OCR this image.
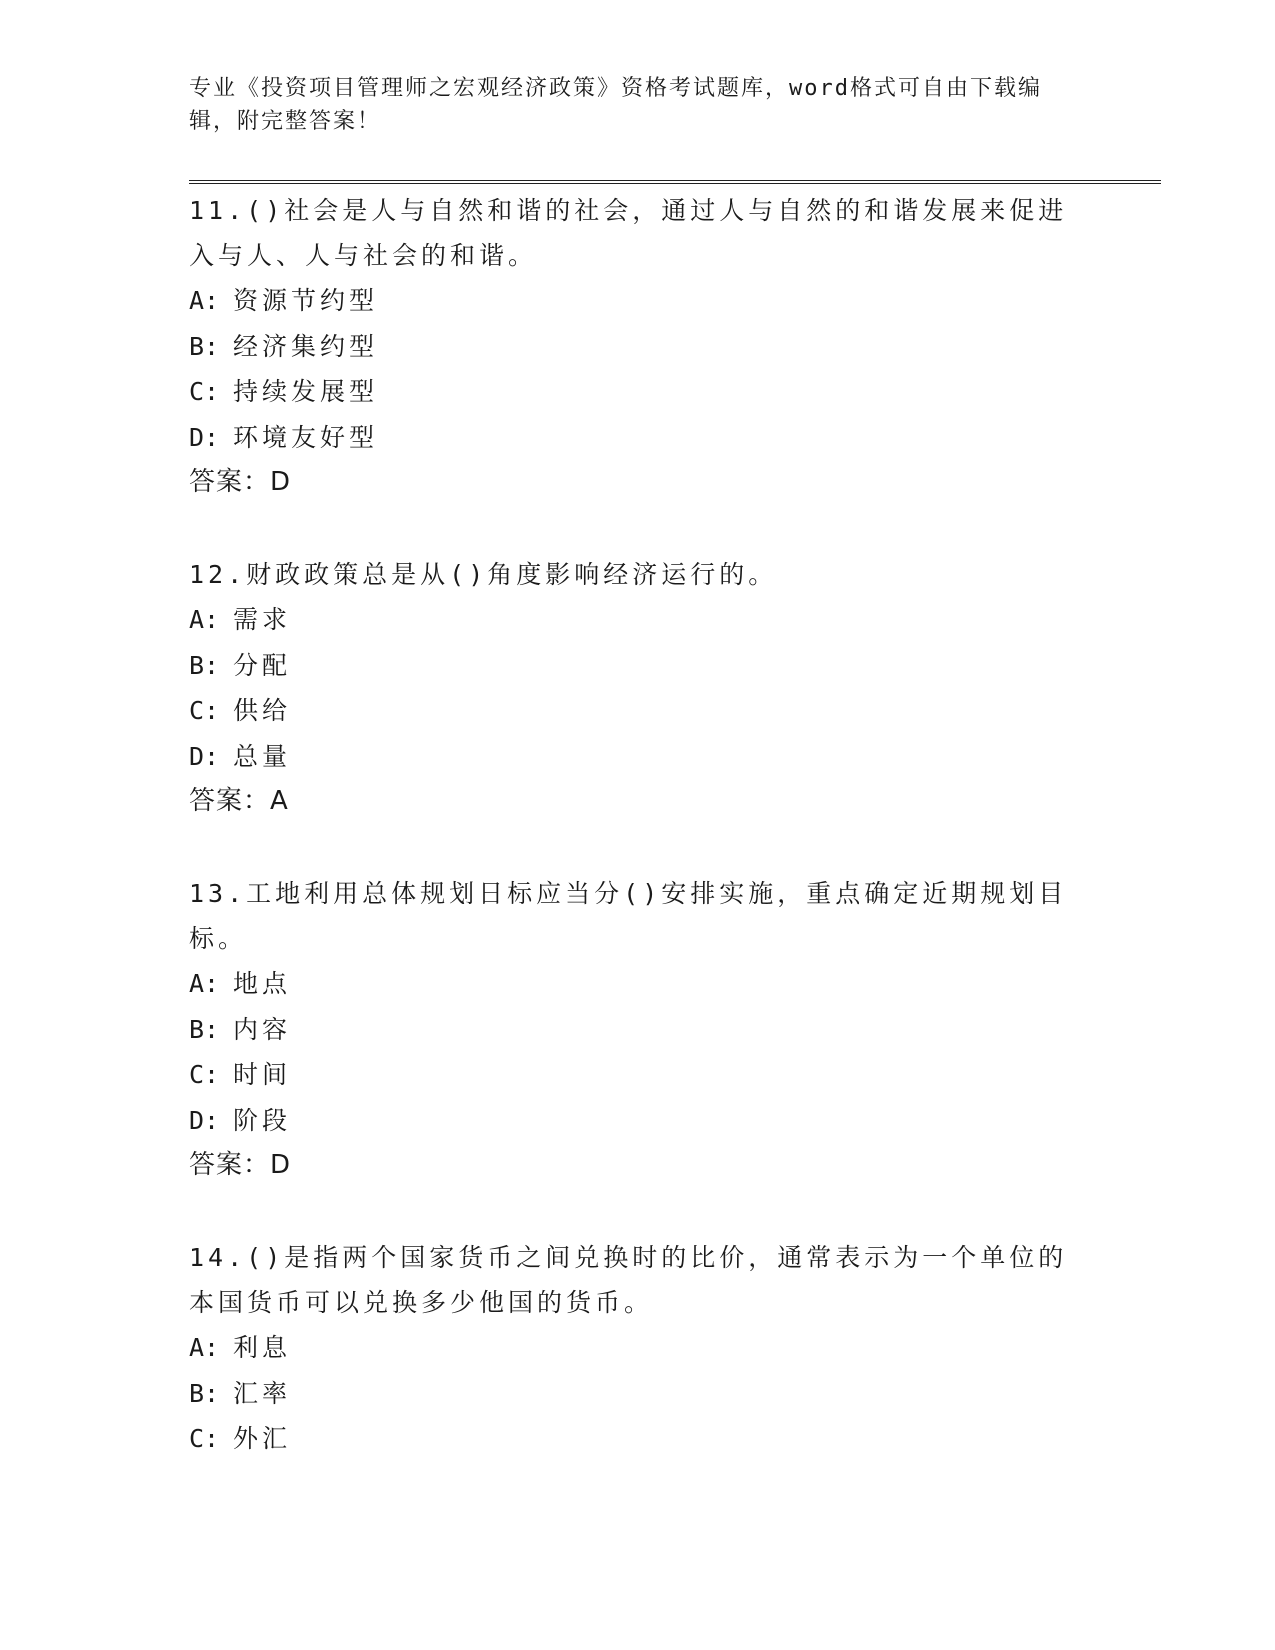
专业《投资项目管理师之宏观经济政策》资格考试题库，word格式可自由下载编辑，附完整答案！

11.()社会是人与自然和谐的社会，通过人与自然的和谐发展来促进入与人、人与社会的和谐。

A: 资源节约型
B: 经济集约型
C: 持续发展型
D: 环境友好型
答案：D

12.财政政策总是从()角度影响经济运行的。

A: 需求
B: 分配
C: 供给
D: 总量
答案：A

13.工地利用总体规划日标应当分()安排实施，重点确定近期规划目标。

A: 地点
B: 内容
C: 时间
D: 阶段
答案：D

14.()是指两个国家货币之间兑换时的比价，通常表示为一个单位的本国货币可以兑换多少他国的货币。

A: 利息
B: 汇率
C: 外汇
